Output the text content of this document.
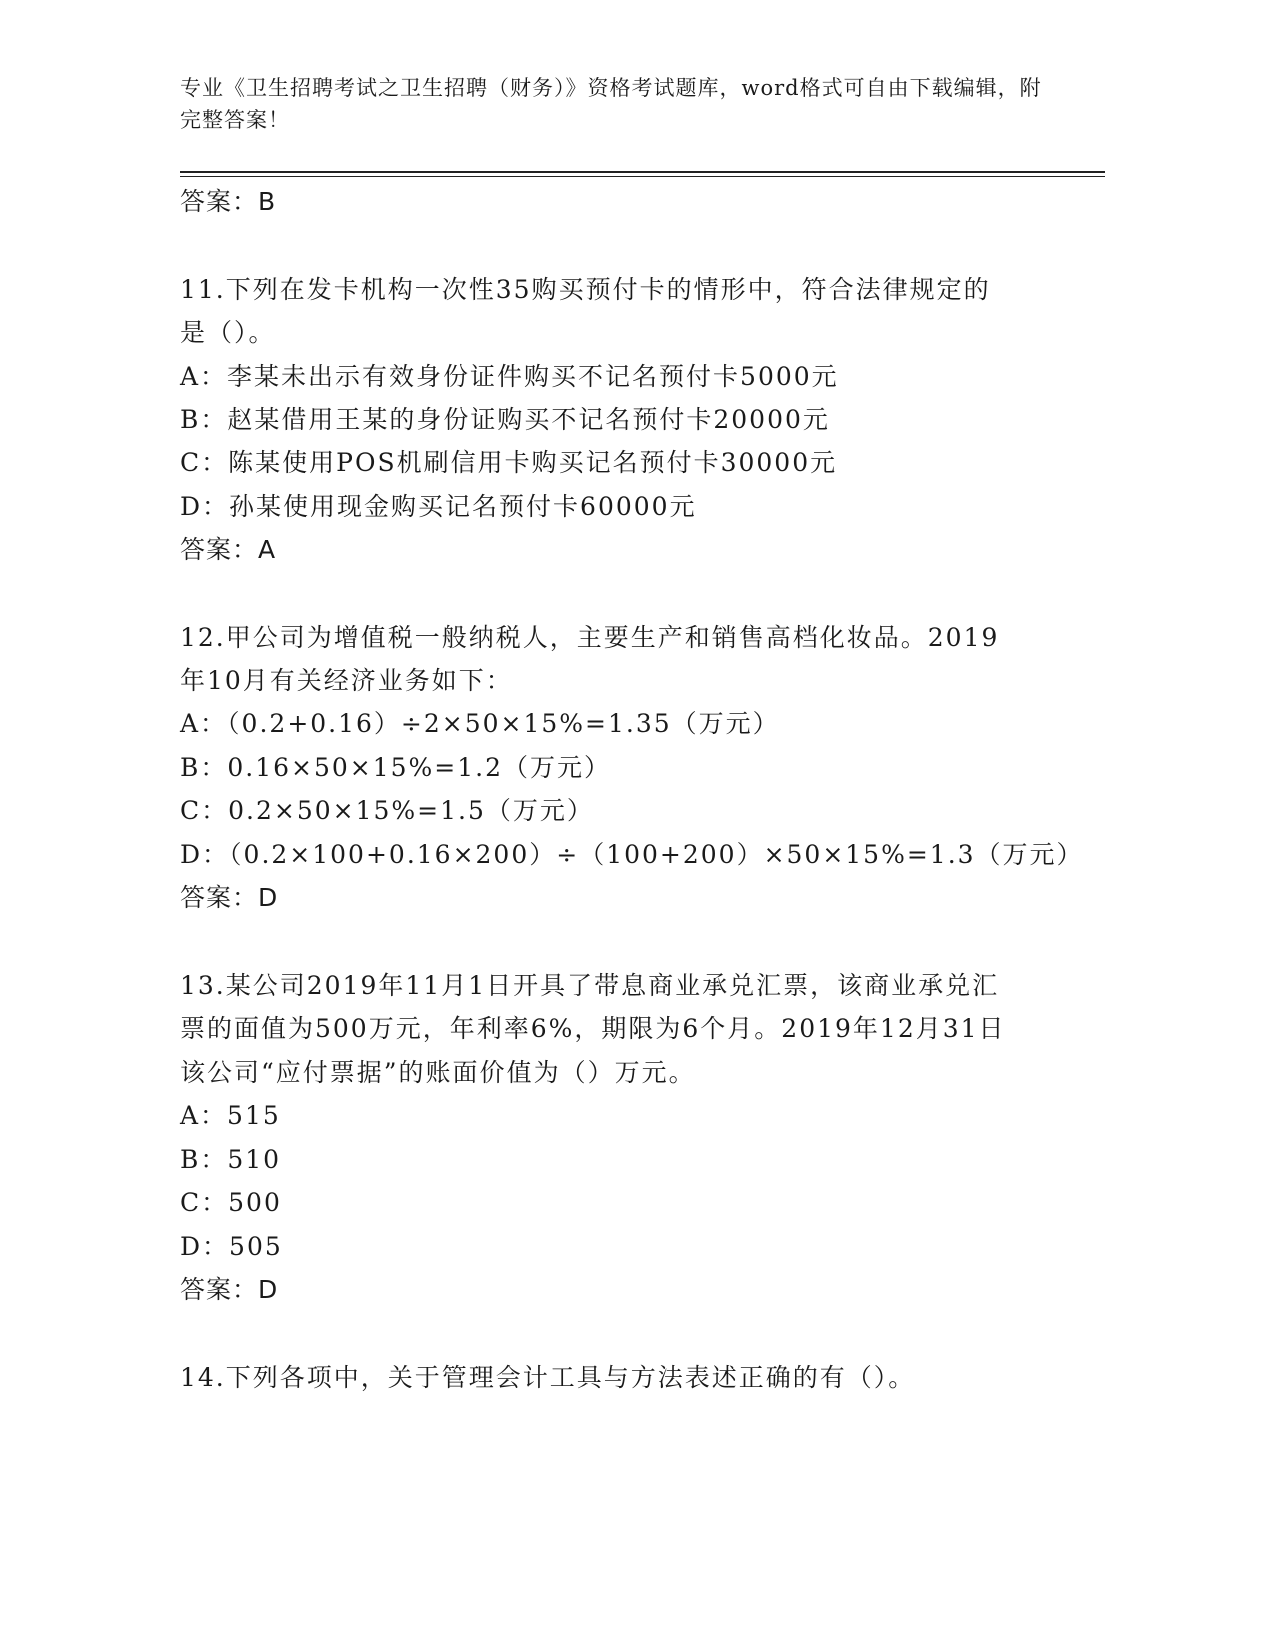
专业《卫生招聘考试之卫生招聘（财务）》资格考试题库，word格式可自由下载编辑，附完整答案！
答案：B
11.下列在发卡机构一次性35购买预付卡的情形中，符合法律规定的
是（）。
A：李某未出示有效身份证件购买不记名预付卡5000元
B：赵某借用王某的身份证购买不记名预付卡20000元
C：陈某使用POS机刷信用卡购买记名预付卡30000元
D：孙某使用现金购买记名预付卡60000元
答案：A
12.甲公司为增值税一般纳税人，主要生产和销售高档化妆品。2019
年10月有关经济业务如下：
A：（0.2+0.16）÷2×50×15%=1.35（万元）
B：0.16×50×15%=1.2（万元）
C：0.2×50×15%=1.5（万元）
D：（0.2×100+0.16×200）÷（100+200）×50×15%=1.3（万元）
答案：D
13.某公司2019年11月1日开具了带息商业承兑汇票，该商业承兑汇
票的面值为500万元，年利率6%，期限为6个月。2019年12月31日
该公司“应付票据”的账面价值为（）万元。
A：515
B：510
C：500
D：505
答案：D
14.下列各项中，关于管理会计工具与方法表述正确的有（）。
